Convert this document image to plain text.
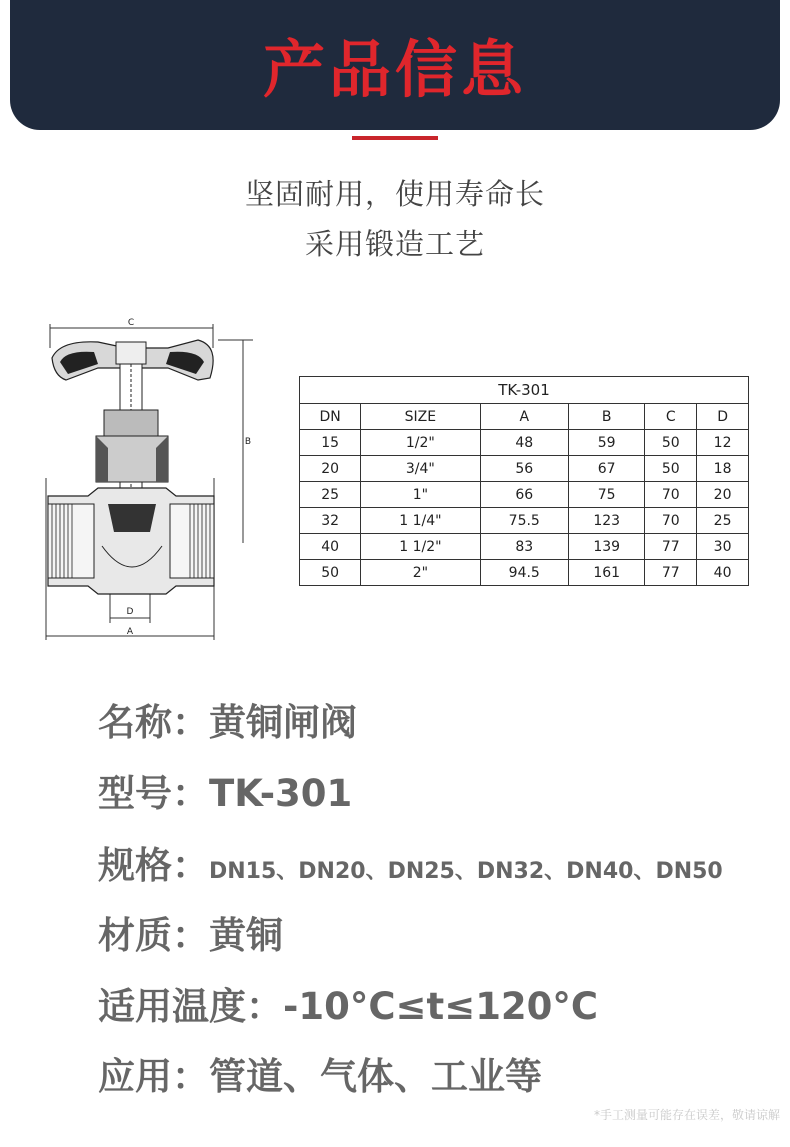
产品信息
坚固耐用，使用寿命长
采用锻造工艺
C
B
D
A
TK-301					
DN	SIZE	A	B	C	D
15	1/2"	48	59	50	12
20	3/4"	56	67	50	18
25	1"	66	75	70	20
32	1 1/4"	75.5	123	70	25
40	1 1/2"	83	139	77	30
50	2"	94.5	161	77	40
名称：黄铜闸阀
型号：TK-301
规格：DN15、DN20、DN25、DN32、DN40、DN50
材质：黄铜
适用温度：-10°C≤t≤120°C
应用：管道、气体、工业等
*手工测量可能存在误差，敬请谅解
